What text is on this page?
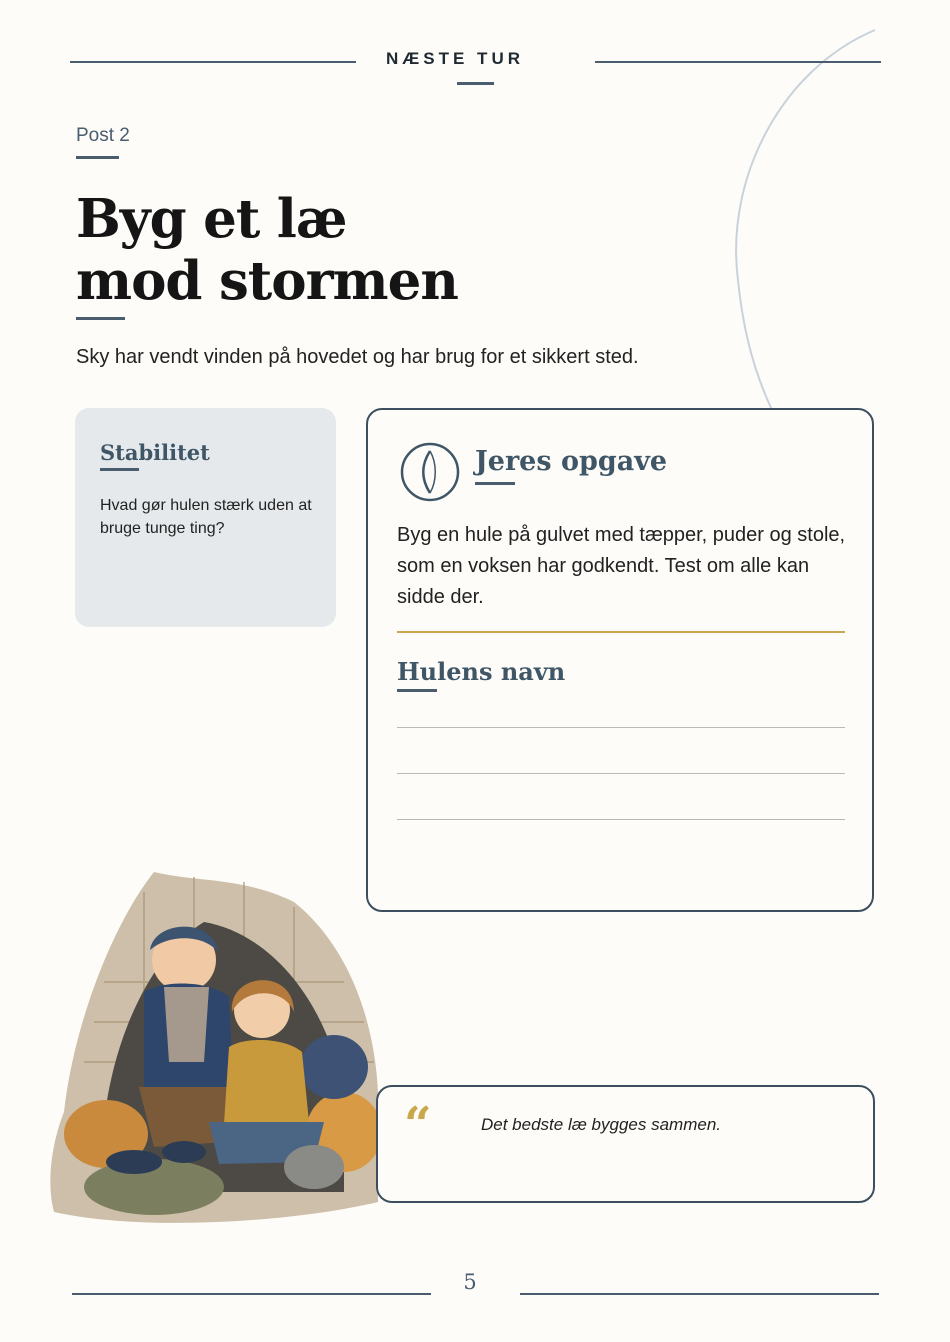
NÆSTE TUR
Post 2
Byg et læ
mod stormen
Sky har vendt vinden på hovedet og har brug for et sikkert sted.
Stabilitet
Hvad gør hulen stærk uden at bruge tunge ting?
Jeres opgave
Byg en hule på gulvet med tæpper, puder og stole, som en voksen har godkendt. Test om alle kan sidde der.
Hulens navn
“	Det bedste læ bygges sammen.
5
